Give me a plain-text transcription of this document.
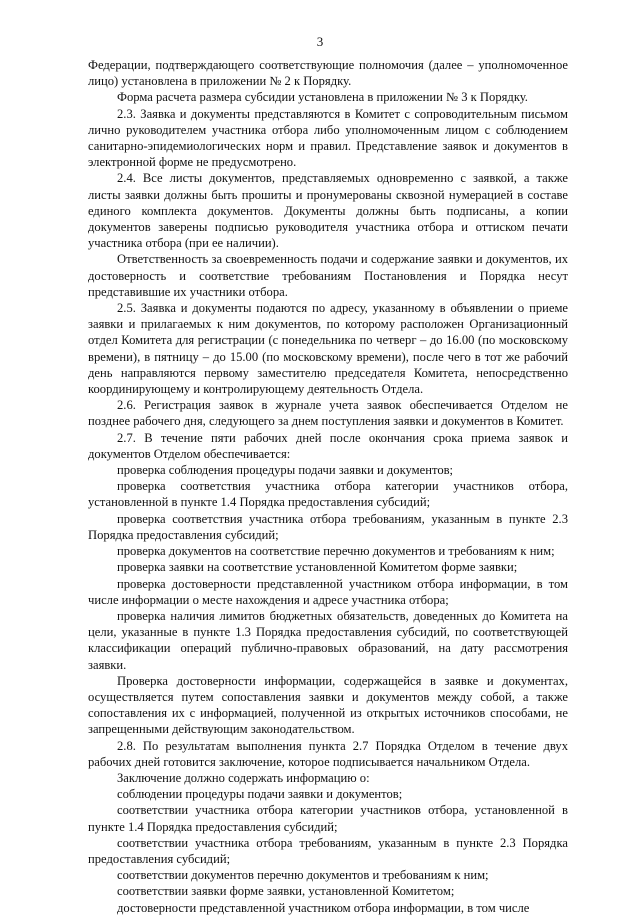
3

Федерации, подтверждающего соответствующие полномочия (далее – уполномоченное лицо) установлена в приложении № 2 к Порядку.

Форма расчета размера субсидии установлена в приложении № 3 к Порядку.

2.3. Заявка и документы представляются в Комитет с сопроводительным письмом лично руководителем участника отбора либо уполномоченным лицом с соблюдением санитарно-эпидемиологических норм и правил. Представление заявок и документов в электронной форме не предусмотрено.

2.4. Все листы документов, представляемых одновременно с заявкой, а также листы заявки должны быть прошиты и пронумерованы сквозной нумерацией в составе единого комплекта документов. Документы должны быть подписаны, а копии документов заверены подписью руководителя участника отбора и оттиском печати участника отбора (при ее наличии).

Ответственность за своевременность подачи и содержание заявки и документов, их достоверность и соответствие требованиям Постановления и Порядка несут представившие их участники отбора.

2.5. Заявка и документы подаются по адресу, указанному в объявлении о приеме заявки и прилагаемых к ним документов, по которому расположен Организационный отдел Комитета для регистрации (с понедельника по четверг – до 16.00 (по московскому времени), в пятницу – до 15.00 (по московскому времени), после чего в тот же рабочий день направляются первому заместителю председателя Комитета, непосредственно координирующему и контролирующему деятельность Отдела.

2.6. Регистрация заявок в журнале учета заявок обеспечивается Отделом не позднее рабочего дня, следующего за днем поступления заявки и документов в Комитет.

2.7. В течение пяти рабочих дней после окончания срока приема заявок и документов Отделом обеспечивается:

проверка соблюдения процедуры подачи заявки и документов;

проверка соответствия участника отбора категории участников отбора, установленной в пункте 1.4 Порядка предоставления субсидий;

проверка соответствия участника отбора требованиям, указанным в пункте 2.3 Порядка предоставления субсидий;

проверка документов на соответствие перечню документов и требованиям к ним;

проверка заявки на соответствие установленной Комитетом форме заявки;

проверка достоверности представленной участником отбора информации, в том числе информации о месте нахождения и адресе участника отбора;

проверка наличия лимитов бюджетных обязательств, доведенных до Комитета на цели, указанные в пункте 1.3 Порядка предоставления субсидий, по соответствующей классификации операций публично-правовых образований, на дату рассмотрения заявки.

Проверка достоверности информации, содержащейся в заявке и документах, осуществляется путем сопоставления заявки и документов между собой, а также сопоставления их с информацией, полученной из открытых источников способами, не запрещенными действующим законодательством.

2.8. По результатам выполнения пункта 2.7 Порядка Отделом в течение двух рабочих дней готовится заключение, которое подписывается начальником Отдела.

Заключение должно содержать информацию о:

соблюдении процедуры подачи заявки и документов;

соответствии участника отбора категории участников отбора, установленной в пункте 1.4 Порядка предоставления субсидий;

соответствии участника отбора требованиям, указанным в пункте 2.3 Порядка предоставления субсидий;

соответствии документов перечню документов и требованиям к ним;

соответствии заявки форме заявки, установленной Комитетом;

достоверности представленной участником отбора информации, в том числе
